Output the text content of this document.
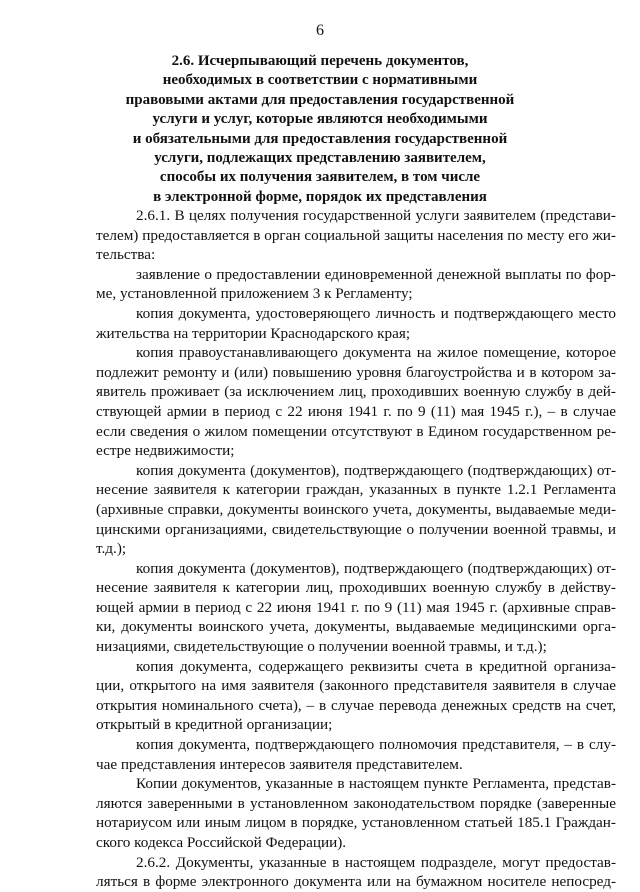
6
2.6. Исчерпывающий перечень документов,
необходимых в соответствии с нормативными
правовыми актами для предоставления государственной
услуги и услуг, которые являются необходимыми
и обязательными для предоставления государственной
услуги, подлежащих представлению заявителем,
способы их получения заявителем, в том числе
в электронной форме, порядок их представления
2.6.1. В целях получения государственной услуги заявителем (представи-
телем) предоставляется в орган социальной защиты населения по месту его жи-
тельства:
заявление о предоставлении единовременной денежной выплаты по фор-
ме, установленной приложением 3 к Регламенту;
копия документа, удостоверяющего личность и подтверждающего место
жительства на территории Краснодарского края;
копия правоустанавливающего документа на жилое помещение, которое
подлежит ремонту и (или) повышению уровня благоустройства и в котором за-
явитель проживает (за исключением лиц, проходивших военную службу в дей-
ствующей армии в период с 22 июня 1941 г. по 9 (11) мая 1945 г.), – в случае
если сведения о жилом помещении отсутствуют в Едином государственном ре-
естре недвижимости;
копия документа (документов), подтверждающего (подтверждающих) от-
несение заявителя к категории граждан, указанных в пункте 1.2.1 Регламента
(архивные справки, документы воинского учета, документы, выдаваемые меди-
цинскими организациями, свидетельствующие о получении военной травмы, и
т.д.);
копия документа (документов), подтверждающего (подтверждающих) от-
несение заявителя к категории лиц, проходивших военную службу в действу-
ющей армии в период с 22 июня 1941 г. по 9 (11) мая 1945 г. (архивные справ-
ки, документы воинского учета, документы, выдаваемые медицинскими орга-
низациями, свидетельствующие о получении военной травмы, и т.д.);
копия документа, содержащего реквизиты счета в кредитной организа-
ции, открытого на имя заявителя (законного представителя заявителя в случае
открытия номинального счета), – в случае перевода денежных средств на счет,
открытый в кредитной организации;
копия документа, подтверждающего полномочия представителя, – в слу-
чае представления интересов заявителя представителем.
Копии документов, указанные в настоящем пункте Регламента, представ-
ляются заверенными в установленном законодательством порядке (заверенные
нотариусом или иным лицом в порядке, установленном статьей 185.1 Граждан-
ского кодекса Российской Федерации).
2.6.2. Документы, указанные в настоящем подразделе, могут предостав-
ляться в форме электронного документа или на бумажном носителе непосред-
